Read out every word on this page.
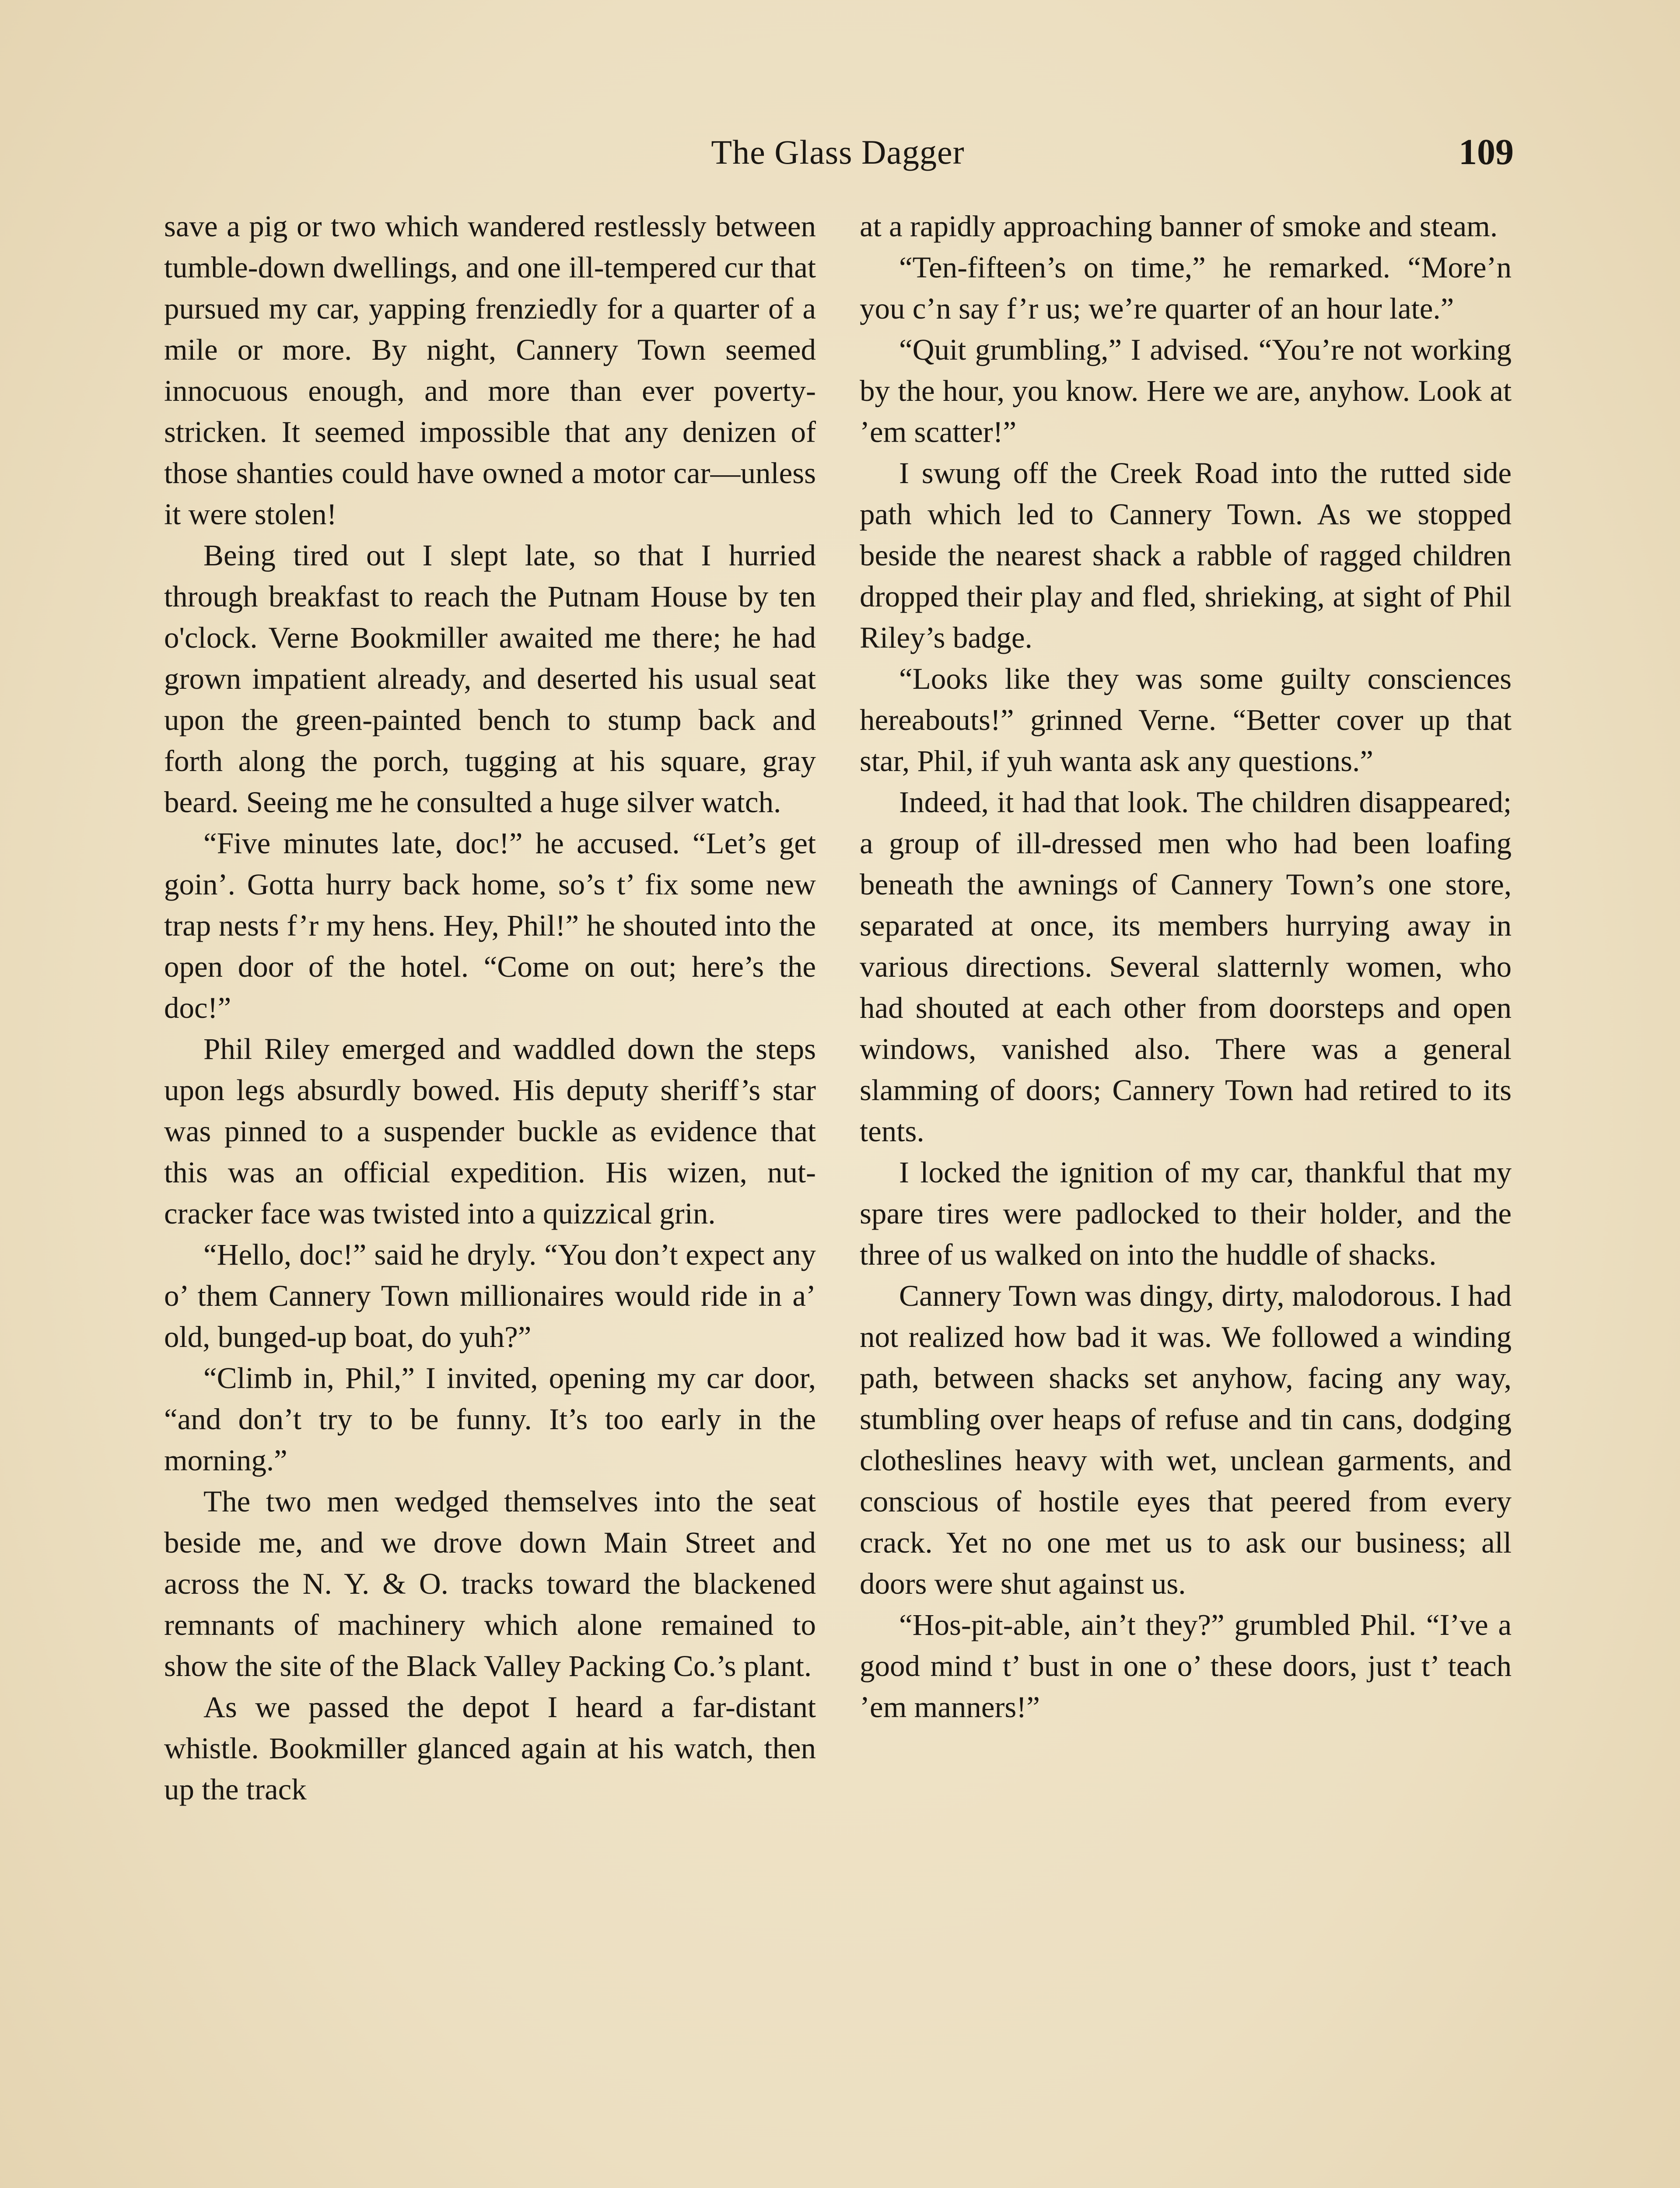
The Glass Dagger	109

save a pig or two which wandered restlessly between tumble-down dwellings, and one ill-tempered cur that pursued my car, yapping frenziedly for a quarter of a mile or more. By night, Cannery Town seemed innocuous enough, and more than ever poverty-stricken. It seemed impossible that any denizen of those shanties could have owned a motor car—unless it were stolen!

Being tired out I slept late, so that I hurried through breakfast to reach the Putnam House by ten o'clock. Verne Bookmiller awaited me there; he had grown impatient already, and deserted his usual seat upon the green-painted bench to stump back and forth along the porch, tugging at his square, gray beard. Seeing me he consulted a huge silver watch.

“Five minutes late, doc!” he accused. “Let’s get goin’. Gotta hurry back home, so’s t’ fix some new trap nests f’r my hens. Hey, Phil!” he shouted into the open door of the hotel. “Come on out; here’s the doc!”

Phil Riley emerged and waddled down the steps upon legs absurdly bowed. His deputy sheriff’s star was pinned to a suspender buckle as evidence that this was an official expedition. His wizen, nut-cracker face was twisted into a quizzical grin.

“Hello, doc!” said he dryly. “You don’t expect any o’ them Cannery Town millionaires would ride in a’ old, bunged-up boat, do yuh?”

“Climb in, Phil,” I invited, opening my car door, “and don’t try to be funny. It’s too early in the morning.”

The two men wedged themselves into the seat beside me, and we drove down Main Street and across the N. Y. & O. tracks toward the blackened remnants of machinery which alone remained to show the site of the Black Valley Packing Co.’s plant.

As we passed the depot I heard a far-distant whistle. Bookmiller glanced again at his watch, then up the track

at a rapidly approaching banner of smoke and steam.

“Ten-fifteen’s on time,” he remarked. “More’n you c’n say f’r us; we’re quarter of an hour late.”

“Quit grumbling,” I advised. “You’re not working by the hour, you know. Here we are, anyhow. Look at ’em scatter!”

I swung off the Creek Road into the rutted side path which led to Cannery Town. As we stopped beside the nearest shack a rabble of ragged children dropped their play and fled, shrieking, at sight of Phil Riley’s badge.

“Looks like they was some guilty consciences hereabouts!” grinned Verne. “Better cover up that star, Phil, if yuh wanta ask any questions.”

Indeed, it had that look. The children disappeared; a group of ill-dressed men who had been loafing beneath the awnings of Cannery Town’s one store, separated at once, its members hurrying away in various directions. Several slatternly women, who had shouted at each other from doorsteps and open windows, vanished also. There was a general slamming of doors; Cannery Town had retired to its tents.

I locked the ignition of my car, thankful that my spare tires were padlocked to their holder, and the three of us walked on into the huddle of shacks.

Cannery Town was dingy, dirty, malodorous. I had not realized how bad it was. We followed a winding path, between shacks set anyhow, facing any way, stumbling over heaps of refuse and tin cans, dodging clotheslines heavy with wet, unclean garments, and conscious of hostile eyes that peered from every crack. Yet no one met us to ask our business; all doors were shut against us.

“Hos-pit-able, ain’t they?” grumbled Phil. “I’ve a good mind t’ bust in one o’ these doors, just t’ teach ’em manners!”
